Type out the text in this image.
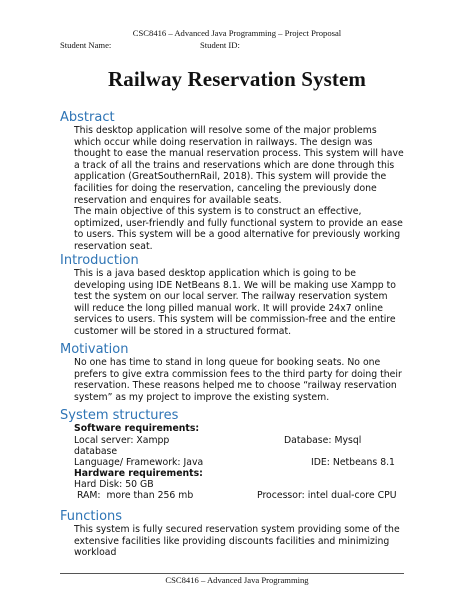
CSC8416 – Advanced Java Programming – Project Proposal
Student Name:	Student ID:
Railway Reservation System
Abstract
This desktop application will resolve some of the major problems
which occur while doing reservation in railways. The design was
thought to ease the manual reservation process. This system will have
a track of all the trains and reservations which are done through this
application (GreatSouthernRail, 2018). This system will provide the
facilities for doing the reservation, canceling the previously done
reservation and enquires for available seats.
The main objective of this system is to construct an effective,
optimized, user-friendly and fully functional system to provide an ease
to users. This system will be a good alternative for previously working
reservation seat.
Introduction
This is a java based desktop application which is going to be
developing using IDE NetBeans 8.1. We will be making use Xampp to
test the system on our local server. The railway reservation system
will reduce the long pilled manual work. It will provide 24x7 online
services to users. This system will be commission-free and the entire
customer will be stored in a structured format.
Motivation
No one has time to stand in long queue for booking seats. No one
prefers to give extra commission fees to the third party for doing their
reservation. These reasons helped me to choose “railway reservation
system” as my project to improve the existing system.
System structures
Software requirements:
Local server: Xampp	Database: Mysql
database
Language/ Framework: Java	IDE: Netbeans 8.1
Hardware requirements:
Hard Disk: 50 GB
RAM:  more than 256 mb	Processor: intel dual-core CPU
Functions
This system is fully secured reservation system providing some of the
extensive facilities like providing discounts facilities and minimizing
workload
CSC8416 – Advanced Java Programming
